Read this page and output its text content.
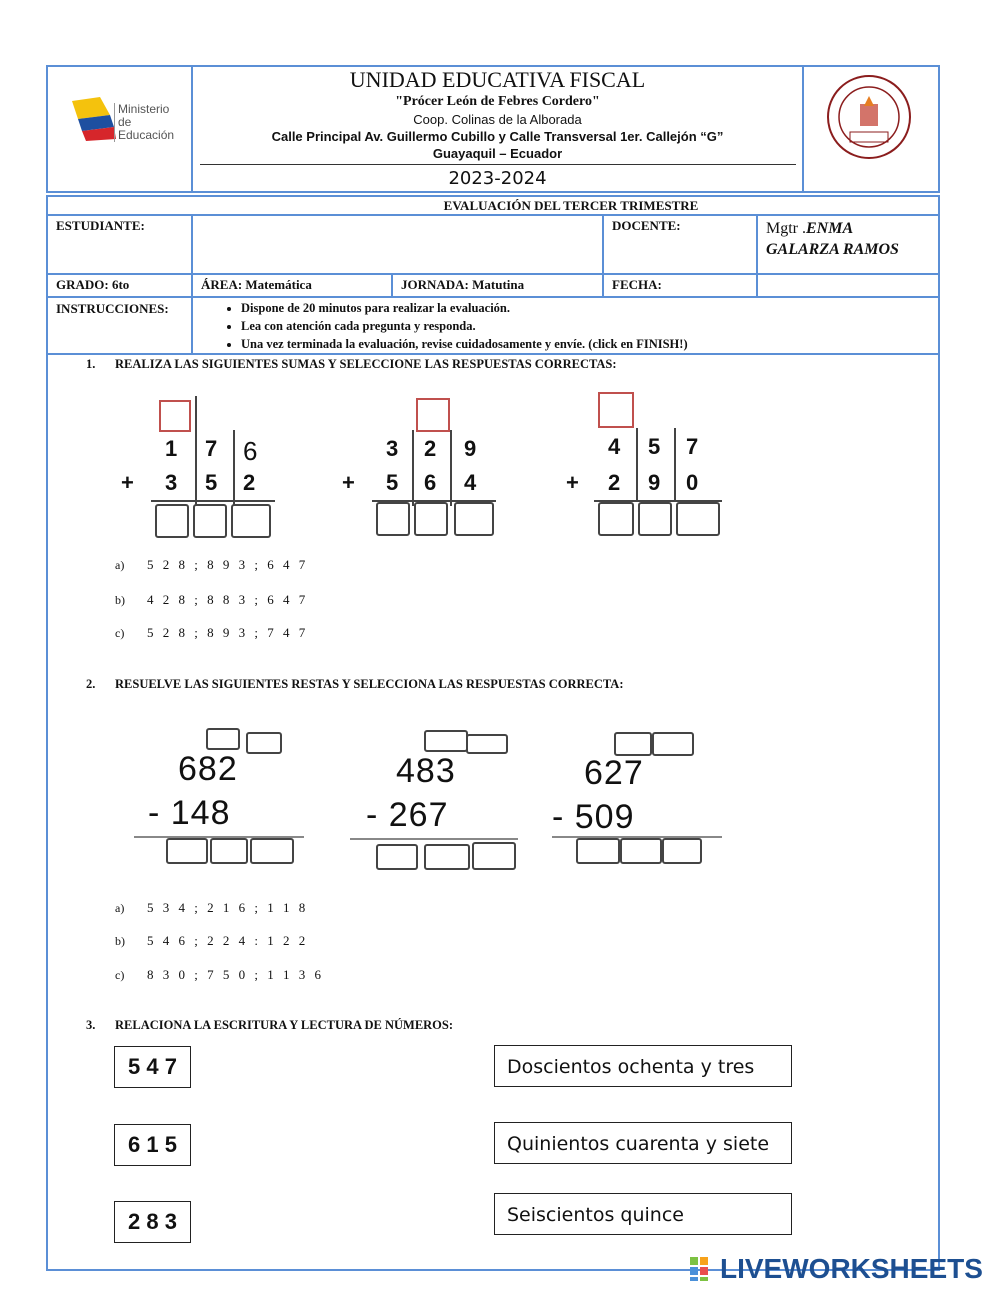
Ministerio
de Educación
UNIDAD EDUCATIVA FISCAL
"Prócer León de Febres Cordero"
Coop. Colinas de la Alborada
Calle Principal Av. Guillermo Cubillo y Calle Transversal 1er. Callejón “G”
Guayaquil – Ecuador
2023-2024
EVALUACIÓN DEL TERCER TRIMESTRE
ESTUDIANTE:	DOCENTE:	Mgtr .ENMA
GALARZA RAMOS
GRADO: 6to	ÁREA: Matemática	JORNADA: Matutina	FECHA:
INSTRUCCIONES:
•	Dispone de 20 minutos para realizar la evaluación.
• Lea con atención cada pregunta y responda.
• Una vez terminada la evaluación, revise cuidadosamente y envíe. (click en FINISH!)
1. REALIZA LAS SIGUIENTES SUMAS Y SELECCIONE LAS RESPUESTAS CORRECTAS:
1 7 6
+ 3 5 2
3 2 9
+ 5 6 4
4 5 7
+ 2 9 0
a) 5 2 8 ; 8 9 3 ; 6 4 7
b) 4 2 8 ; 8 8 3 ; 6 4 7
c) 5 2 8 ; 8 9 3 ; 7 4 7
2. RESUELVE LAS SIGUIENTES RESTAS Y SELECCIONA LAS RESPUESTAS CORRECTA:
682
- 148
483
- 267
627
- 509
a) 5 3 4 ; 2 1 6 ; 1 1 8
b) 5 4 6 ; 2 2 4 : 1 2 2
c) 8 3 0 ; 7 5 0 ; 1 1 3 6
3. RELACIONA LA ESCRITURA Y LECTURA DE NÚMEROS:
5 4 7
6 1 5
2 8 3
Doscientos ochenta y tres
Quinientos cuarenta y siete
Seiscientos quince
LIVEWORKSHEETS
